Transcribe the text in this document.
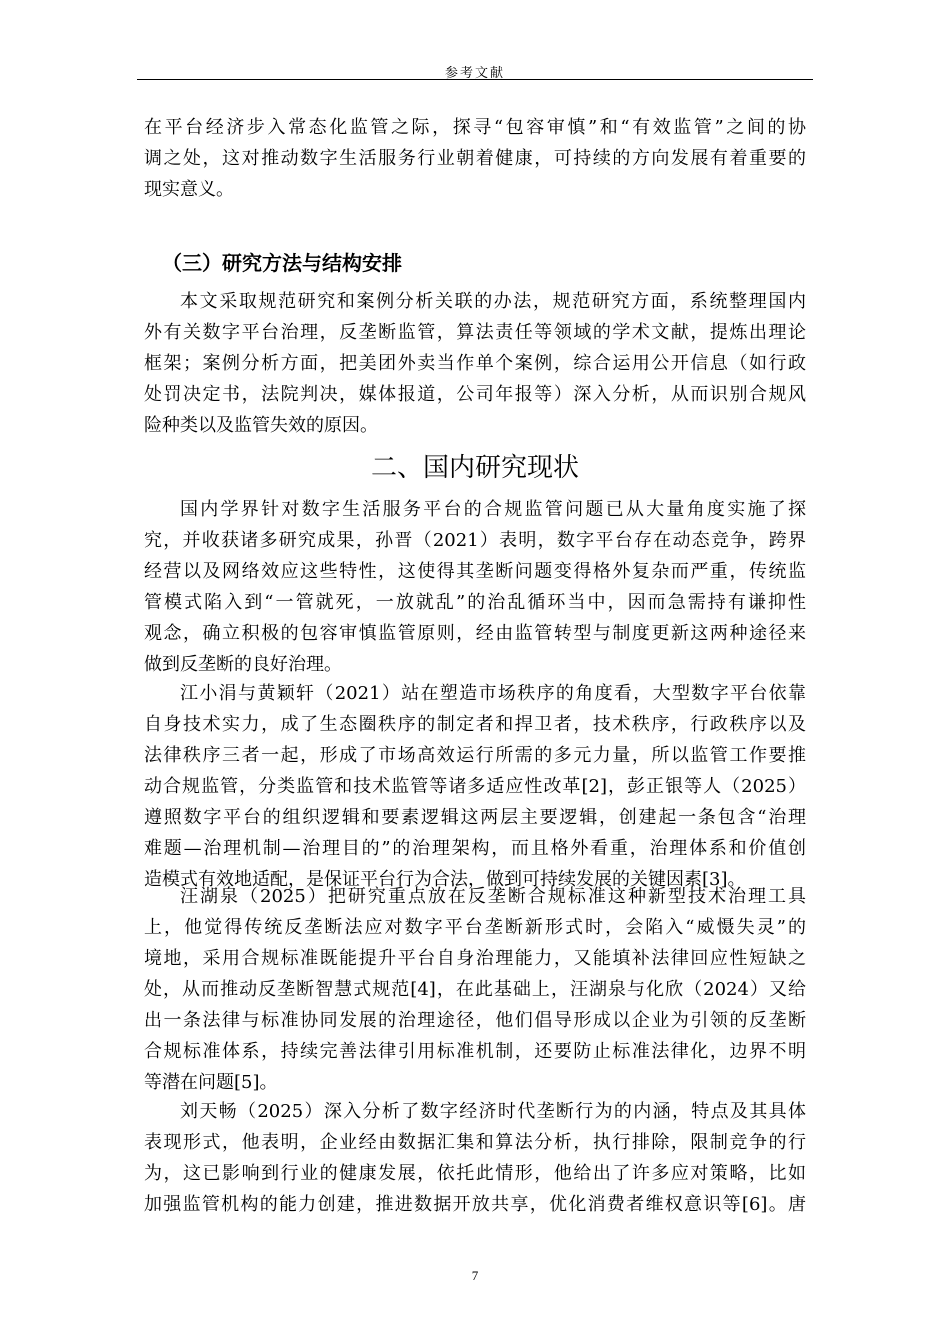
参考文献
在平台经济步入常态化监管之际，探寻“包容审慎”和“有效监管”之间的协
调之处，这对推动数字生活服务行业朝着健康，可持续的方向发展有着重要的
现实意义。
（三）研究方法与结构安排
本文采取规范研究和案例分析关联的办法，规范研究方面，系统整理国内
外有关数字平台治理，反垄断监管，算法责任等领域的学术文献，提炼出理论
框架；案例分析方面，把美团外卖当作单个案例，综合运用公开信息（如行政
处罚决定书，法院判决，媒体报道，公司年报等）深入分析，从而识别合规风
险种类以及监管失效的原因。
二、国内研究现状
国内学界针对数字生活服务平台的合规监管问题已从大量角度实施了探
究，并收获诸多研究成果，孙晋（2021）表明，数字平台存在动态竞争，跨界
经营以及网络效应这些特性，这使得其垄断问题变得格外复杂而严重，传统监
管模式陷入到“一管就死，一放就乱”的治乱循环当中，因而急需持有谦抑性
观念，确立积极的包容审慎监管原则，经由监管转型与制度更新这两种途径来
做到反垄断的良好治理。
江小涓与黄颖轩（2021）站在塑造市场秩序的角度看，大型数字平台依靠
自身技术实力，成了生态圈秩序的制定者和捍卫者，技术秩序，行政秩序以及
法律秩序三者一起，形成了市场高效运行所需的多元力量，所以监管工作要推
动合规监管，分类监管和技术监管等诸多适应性改革[2]，彭正银等人（2025）
遵照数字平台的组织逻辑和要素逻辑这两层主要逻辑，创建起一条包含“治理
难题—治理机制—治理目的”的治理架构，而且格外看重，治理体系和价值创
造模式有效地适配，是保证平台行为合法，做到可持续发展的关键因素[3]。
汪湖泉（2025）把研究重点放在反垄断合规标准这种新型技术治理工具
上，他觉得传统反垄断法应对数字平台垄断新形式时，会陷入“威慑失灵”的
境地，采用合规标准既能提升平台自身治理能力，又能填补法律回应性短缺之
处，从而推动反垄断智慧式规范[4]，在此基础上，汪湖泉与化欣（2024）又给
出一条法律与标准协同发展的治理途径，他们倡导形成以企业为引领的反垄断
合规标准体系，持续完善法律引用标准机制，还要防止标准法律化，边界不明
等潜在问题[5]。
刘天畅（2025）深入分析了数字经济时代垄断行为的内涵，特点及其具体
表现形式，他表明，企业经由数据汇集和算法分析，执行排除，限制竞争的行
为，这已影响到行业的健康发展，依托此情形，他给出了许多应对策略，比如
加强监管机构的能力创建，推进数据开放共享，优化消费者维权意识等[6]。唐
7
